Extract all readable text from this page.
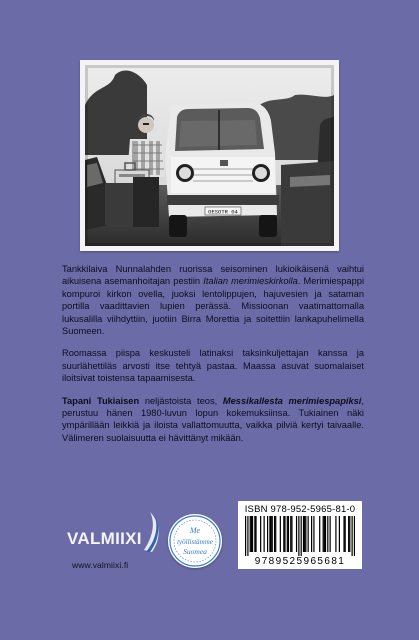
OESOTR 04

Tankkilaiva Nunnalahden ruorissa seisominen lukioikäisenä vaihtui aikuisena asemanhoitajan pestiin Italian merimieskirkolla. Merimiespappi kompuroi kirkon ovella, juoksi lentolippujen, hajuvesien ja sataman portilla vaadittavien lupien perässä. Missioonan vaatimattomalla lukusalilla viihdyttiin, juotiin Birra Morettia ja soitettiin lankapuhelimella Suomeen.

Roomassa piispa keskusteli latinaksi taksinkuljettajan kanssa ja suurlähettiläs arvosti itse tehtyä pastaa. Maassa asuvat suomalaiset iloitsivat toistensa tapaamisesta.

Tapani Tukiaisen neljästoista teos, Messikallesta merimiespapiksi, perustuu hänen 1980-luvun lopun kokemuksiinsa. Tukiainen näki ympärillään leikkiä ja iloista vallattomuutta, vaikka pilviä kertyi taivaalle. Välimeren suolaisuutta ei hävittänyt mikään.

VALMIIXI
www.valmiixi.fi
Me
työllistämme
Suomea
ISBN 978-952-5965-81-0
9789525965681
